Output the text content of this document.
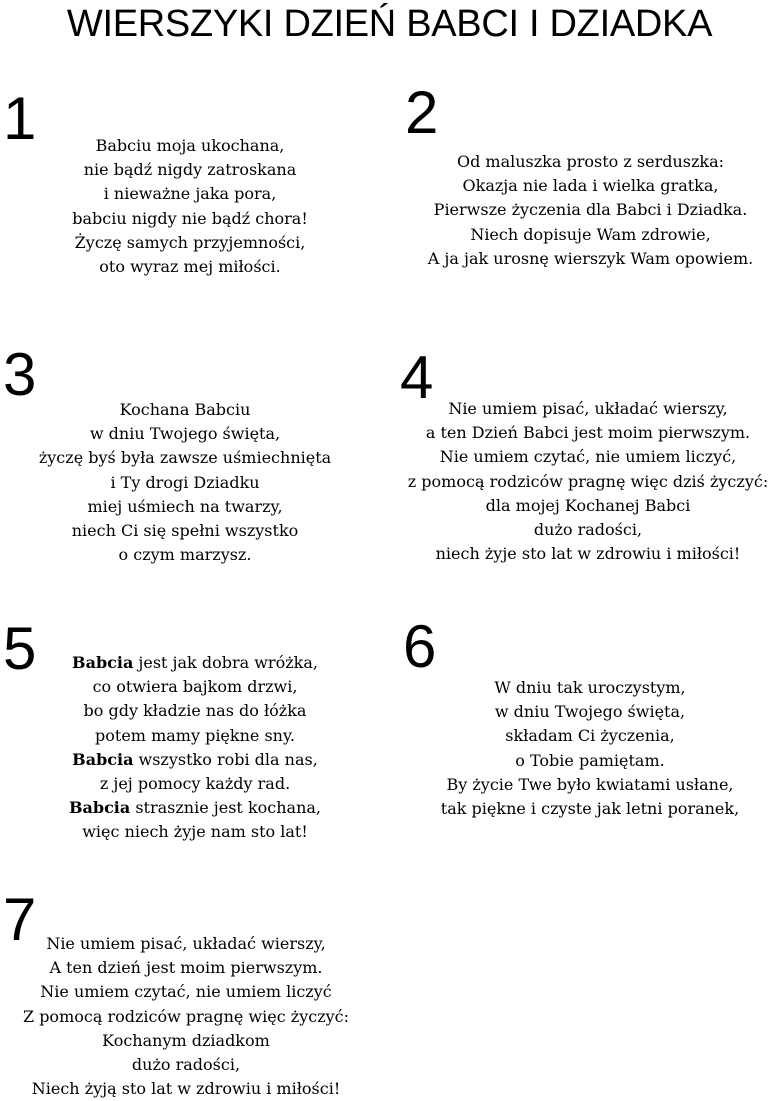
WIERSZYKI DZIEŃ BABCI I DZIADKA
1	Babciu moja ukochana,
nie bądź nigdy zatroskana
i nieważne jaka pora,
babciu nigdy nie bądź chora!
Życzę samych przyjemności,
oto wyraz mej miłości.
2
Od maluszka prosto z serduszka:
Okazja nie lada i wielka gratka,
Pierwsze życzenia dla Babci i Dziadka.
Niech dopisuje Wam zdrowie,
A ja jak urosnę wierszyk Wam opowiem.
3
Kochana Babciu
w dniu Twojego święta,
życzę byś była zawsze uśmiechnięta
i Ty drogi Dziadku
miej uśmiech na twarzy,
niech Ci się spełni wszystko
o czym marzysz.
4 Nie umiem pisać, układać wierszy,
a ten Dzień Babci jest moim pierwszym.
Nie umiem czytać, nie umiem liczyć,
z pomocą rodziców pragnę więc dziś życzyć:
dla mojej Kochanej Babci
dużo radości,
niech żyje sto lat w zdrowiu i miłości!
5	Babcia jest jak dobra wróżka,
co otwiera bajkom drzwi,
bo gdy kładzie nas do łóżka
potem mamy piękne sny.
Babcia wszystko robi dla nas,
z jej pomocy każdy rad.
Babcia strasznie jest kochana,
więc niech żyje nam sto lat!
6
W dniu tak uroczystym,
w dniu Twojego święta,
składam Ci życzenia,
o Tobie pamiętam.
By życie Twe było kwiatami usłane,
tak piękne i czyste jak letni poranek,
7 Nie umiem pisać, układać wierszy,
A ten dzień jest moim pierwszym.
Nie umiem czytać, nie umiem liczyć
Z pomocą rodziców pragnę więc życzyć:
Kochanym dziadkom
dużo radości,
Niech żyją sto lat w zdrowiu i miłości!
